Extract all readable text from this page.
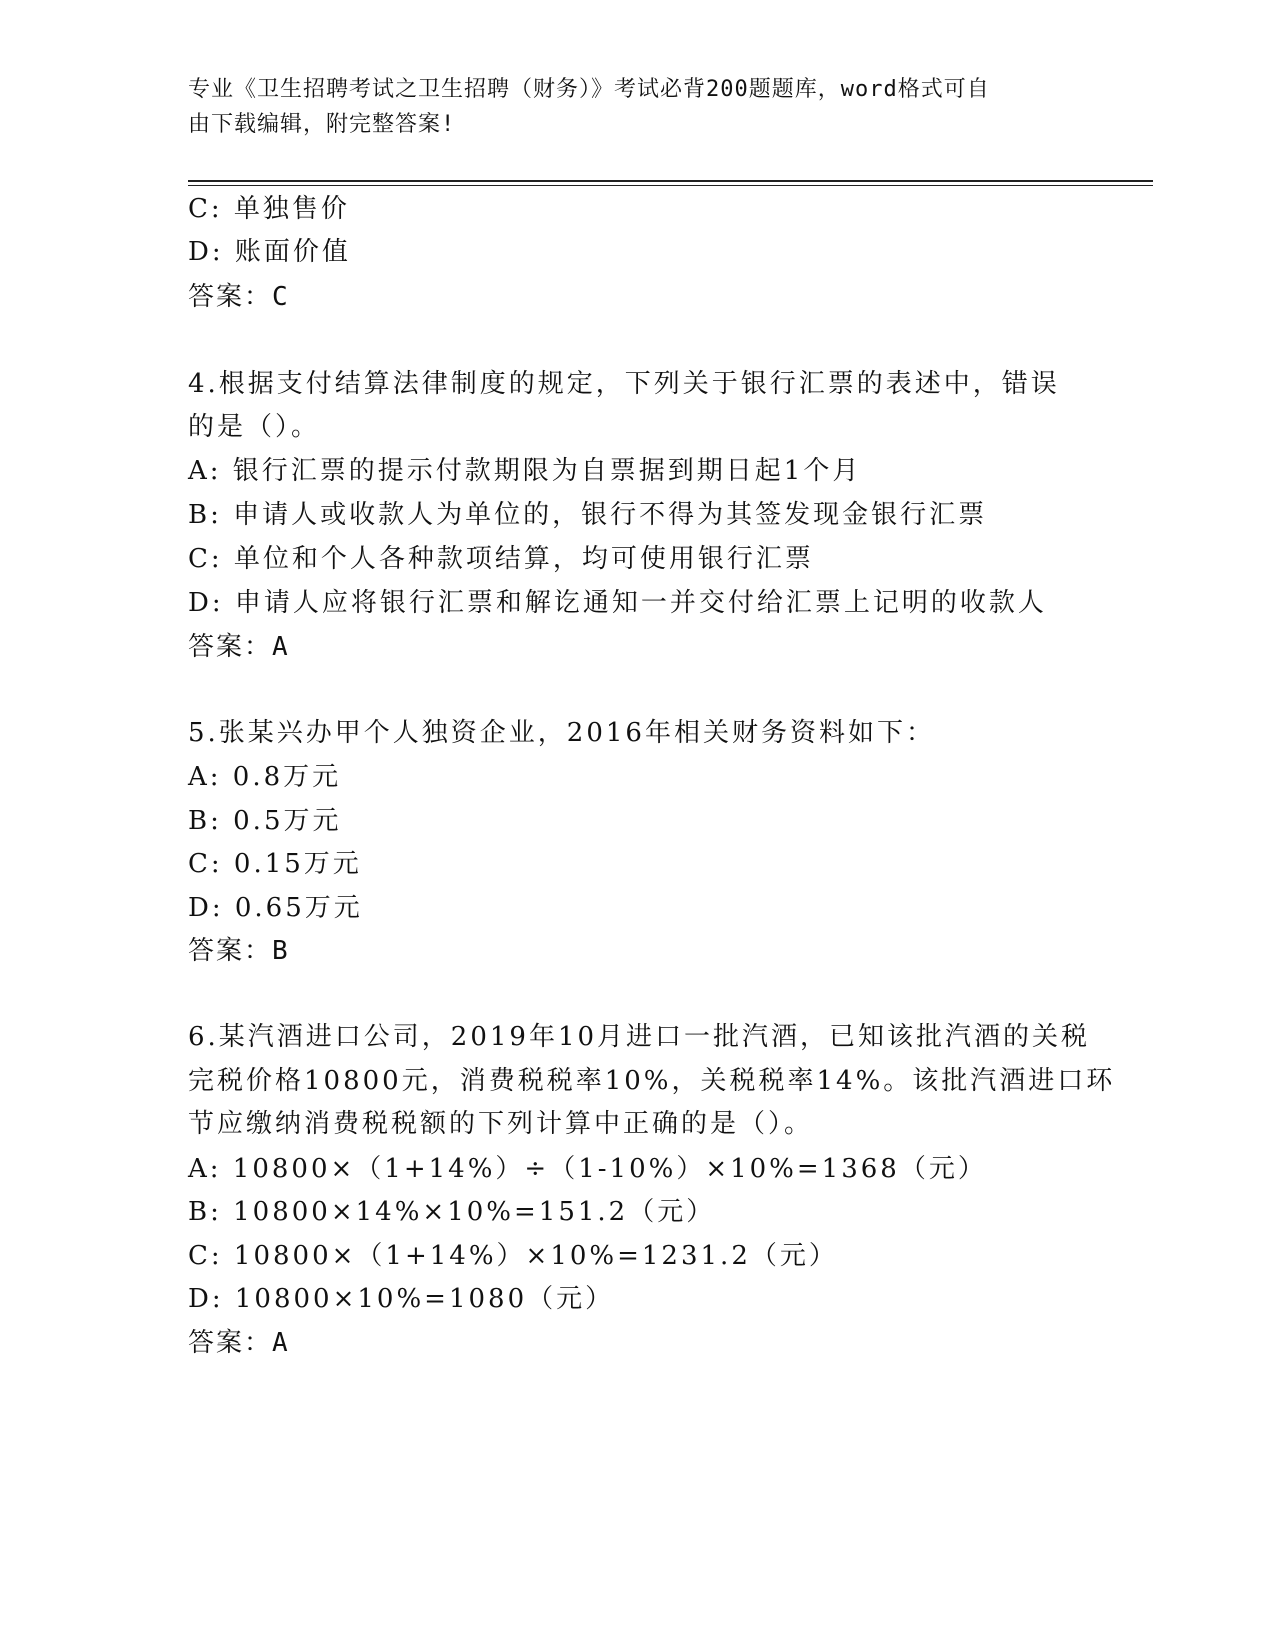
专业《卫生招聘考试之卫生招聘（财务）》考试必背200题题库，word格式可自
由下载编辑，附完整答案!
C: 单独售价
D: 账面价值
答案：C
4.根据支付结算法律制度的规定，下列关于银行汇票的表述中，错误
的是（）。
A: 银行汇票的提示付款期限为自票据到期日起1个月
B: 申请人或收款人为单位的，银行不得为其签发现金银行汇票
C: 单位和个人各种款项结算，均可使用银行汇票
D: 申请人应将银行汇票和解讫通知一并交付给汇票上记明的收款人
答案：A
5.张某兴办甲个人独资企业，2016年相关财务资料如下：
A: 0.8万元
B: 0.5万元
C: 0.15万元
D: 0.65万元
答案：B
6.某汽酒进口公司，2019年10月进口一批汽酒，已知该批汽酒的关税
完税价格10800元，消费税税率10%，关税税率14%。该批汽酒进口环
节应缴纳消费税税额的下列计算中正确的是（）。
A: 10800×（1+14%）÷（1-10%）×10%=1368（元）
B: 10800×14%×10%=151.2（元）
C: 10800×（1+14%）×10%=1231.2（元）
D: 10800×10%=1080（元）
答案：A
